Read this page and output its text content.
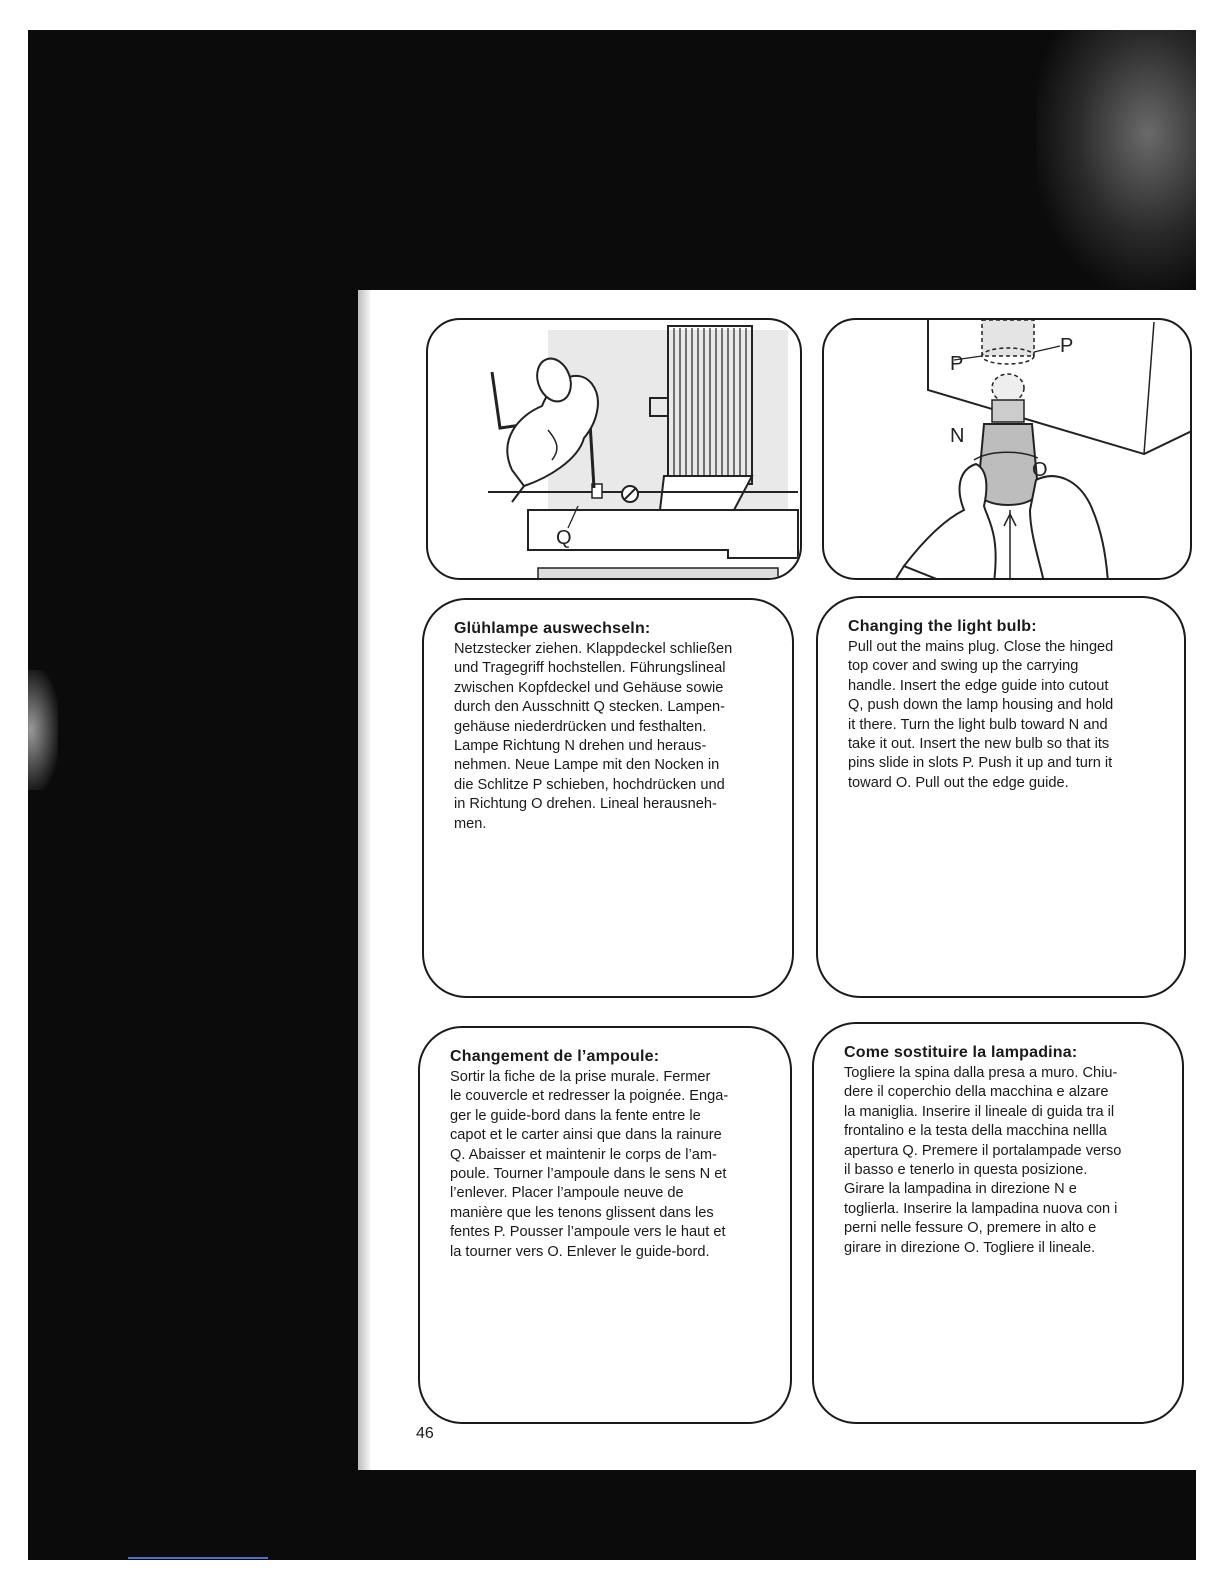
Q
P
P
N
O
Glühlampe auswechseln:

Netzstecker ziehen. Klappdeckel schließen
und Tragegriff hochstellen. Führungslineal
zwischen Kopfdeckel und Gehäuse sowie
durch den Ausschnitt Q stecken. Lampen-
gehäuse niederdrücken und festhalten.
Lampe Richtung N drehen und heraus-
nehmen. Neue Lampe mit den Nocken in
die Schlitze P schieben, hochdrücken und
in Richtung O drehen. Lineal herausneh-
men.

Changing the light bulb:

Pull out the mains plug. Close the hinged
top cover and swing up the carrying
handle. Insert the edge guide into cutout
Q, push down the lamp housing and hold
it there. Turn the light bulb toward N and
take it out. Insert the new bulb so that its
pins slide in slots P. Push it up and turn it
toward O. Pull out the edge guide.

Changement de l’ampoule:

Sortir la fiche de la prise murale. Fermer
le couvercle et redresser la poignée. Enga-
ger le guide-bord dans la fente entre le
capot et le carter ainsi que dans la rainure
Q. Abaisser et maintenir le corps de l’am-
poule. Tourner l’ampoule dans le sens N et
l’enlever. Placer l’ampoule neuve de
manière que les tenons glissent dans les
fentes P. Pousser l’ampoule vers le haut et
la tourner vers O. Enlever le guide-bord.

Come sostituire la lampadina:

Togliere la spina dalla presa a muro. Chiu-
dere il coperchio della macchina e alzare
la maniglia. Inserire il lineale di guida tra il
frontalino e la testa della macchina nellla
apertura Q. Premere il portalampade verso
il basso e tenerlo in questa posizione.
Girare la lampadina in direzione N e
toglierla. Inserire la lampadina nuova con i
perni nelle fessure O, premere in alto e
girare in direzione O. Togliere il lineale.

46
